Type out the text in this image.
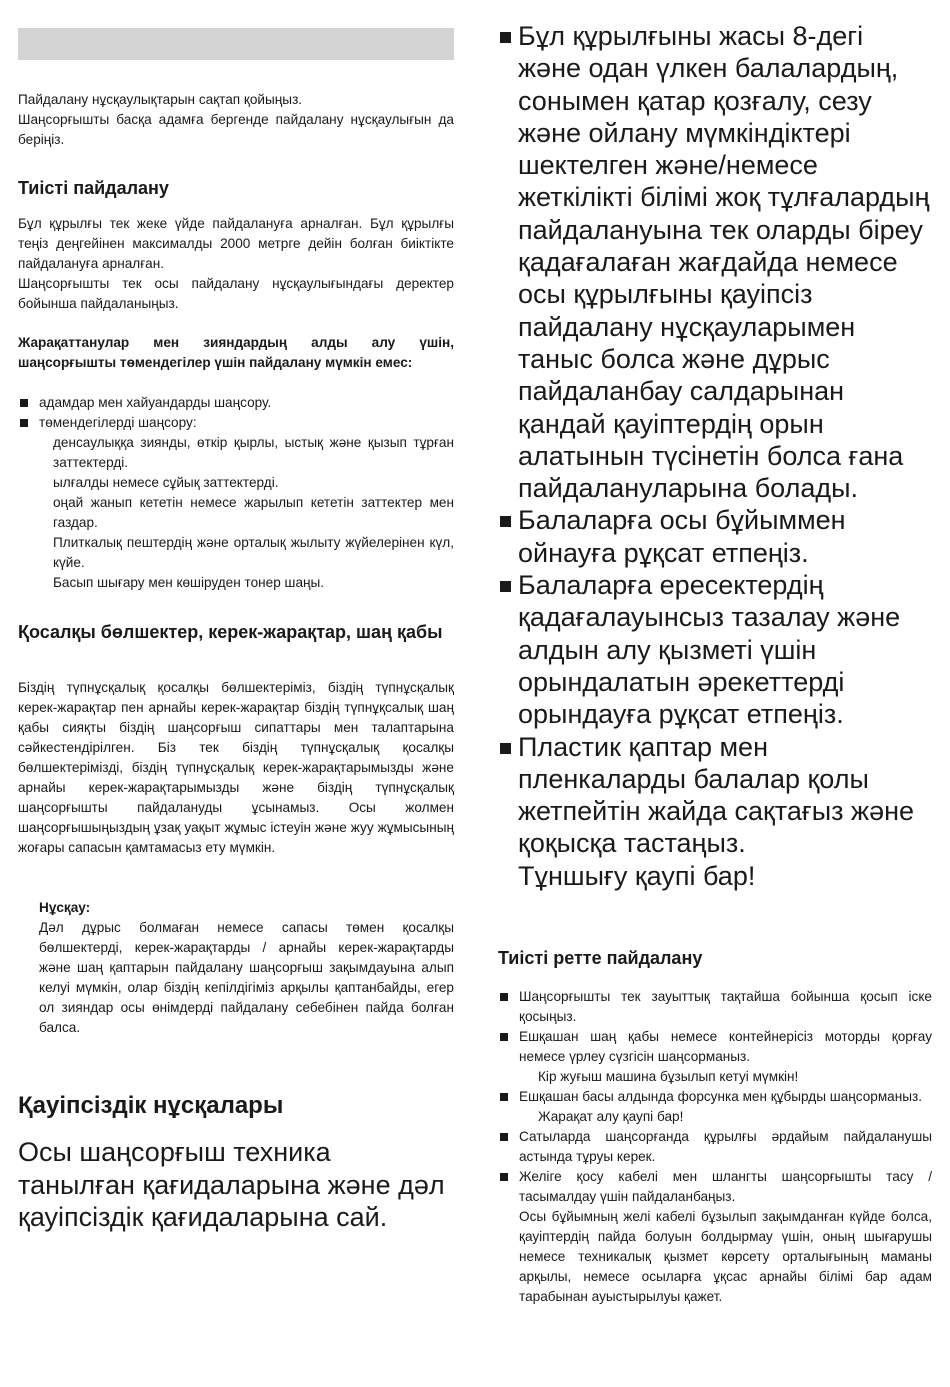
Пайдалану нұсқаулықтарын сақтап қойыңыз.

Шаңсорғышты басқа адамға бергенде пайдалану нұсқаулығын да беріңіз.

Тиісті пайдалану

Бұл құрылғы тек жеке үйде пайдалануға арналған. Бұл құрылғы теңіз деңгейінен максималды 2000 метрге дейін болған биіктікте пайдалануға арналған.

Шаңсорғышты тек осы пайдалану нұсқаулығындағы деректер бойынша пайдаланыңыз.

Жарақаттанулар мен зияндардың алды алу үшін, шаңсорғышты төмендегілер үшін пайдалану мүмкін емес:

адамдар мен хайуандарды шаңсору.
төмендегілерді шаңсору:
денсаулыққа зиянды, өткір қырлы, ыстық және қызып тұрған заттектерді.
ылғалды немесе сұйық заттектерді.
оңай жанып кететін немесе жарылып кететін заттектер мен газдар.
Плиткалық пештердің және орталық жылыту жүйелерінен күл, күйе.
Басып шығару мен көшіруден тонер шаңы.
Қосалқы бөлшектер, керек-жарақтар, шаң қабы

Біздің түпнұсқалық қосалқы бөлшектеріміз, біздің түпнұсқалық керек-жарақтар пен арнайы керек-жарақтар біздің түпнұқсалық шаң қабы сияқты біздің шаңсорғыш сипаттары мен талаптарына сәйкестендірілген. Біз тек біздің түпнұсқалық қосалқы бөлшектерімізді, біздің түпнұсқалық керек-жарақтарымызды және арнайы керек-жарақтарымызды және біздің түпнұсқалық шаңсорғышты пайдалануды ұсынамыз. Осы жолмен шаңсорғышыңыздың ұзақ уақыт жұмыс істеуін және жуу жұмысының жоғары сапасын қамтамасыз ету мүмкін.

Нұсқау:
Дәл дұрыс болмаған немесе сапасы төмен қосалқы бөлшектерді, керек-жарақтарды / арнайы керек-жарақтарды және шаң қаптарын пайдалану шаңсорғыш зақымдауына алып келуі мүмкін, олар біздің кепілдігіміз арқылы қаптанбайды, егер ол зияндар осы өнімдерді пайдалану себебінен пайда болған балса.
Қауіпсіздік нұсқалары

Осы шаңсорғыш техника танылған қағидаларына және дәл қауіпсіздік қағидаларына сай.

Бұл құрылғыны жасы 8-дегі және одан үлкен балалардың, сонымен қатар қозғалу, сезу және ойлану мүмкіндіктері шектелген және/немесе жеткілікті білімі жоқ тұлғалардың пайдалануына тек оларды біреу қадағалаған жағдайда немесе осы құрылғыны қауіпсіз пайдалану нұсқауларымен таныс болса және дұрыс пайдаланбау салдарынан қандай қауіптердің орын алатынын түсінетін болса ғана пайдалануларына болады.
Балаларға осы бұйыммен ойнауға рұқсат етпеңіз.
Балаларға ересектердің қадағалауынсыз тазалау және алдын алу қызметі үшін орындалатын әрекеттерді орындауға рұқсат етпеңіз.
Пластик қаптар мен пленкаларды балалар қолы жетпейтін жайда сақтағыз және қоқысқа тастаңыз.
Тұншығу қаупі бар!
Тиісті ретте пайдалану
Шаңсорғышты тек зауыттық тақтайша бойынша қосып іске қосыңыз.
Ешқашан шаң қабы немесе контейнерісіз моторды қорғау немесе үрлеу сүзгісін шаңсорманыз.
Кір жуғыш машина бұзылып кетуі мүмкін!
Ешқашан басы алдында форсунка мен құбырды шаңсорманыз.
Жарақат алу қаупі бар!
Сатыларда шаңсорғанда құрылғы әрдайым пайдаланушы астында тұруы керек.
Желіге қосу кабелі мен шлангты шаңсорғышты тасу / тасымалдау үшін пайдаланбаңыз.
Осы бұйымның желі кабелі бұзылып зақымданған күйде болса, қауіптердің пайда болуын болдырмау үшін, оның шығарушы немесе техникалық қызмет көрсету орталығының маманы арқылы, немесе осыларға ұқсас арнайы білімі бар адам тарабынан ауыстырылуы қажет.
